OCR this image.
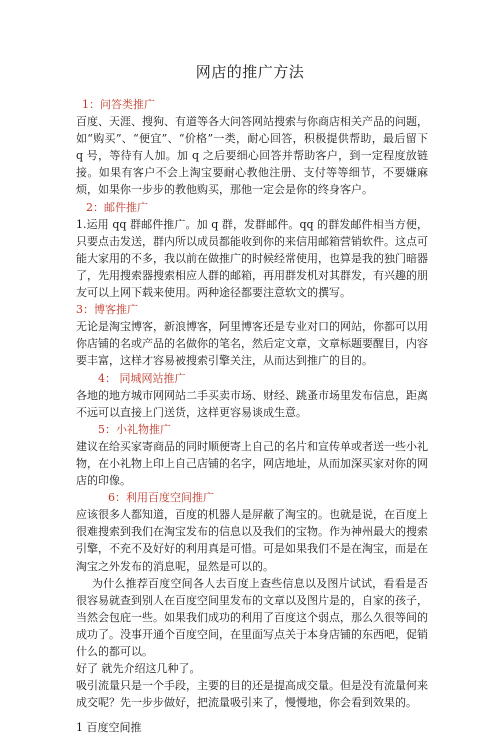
网店的推广方法

1：问答类推广

百度、天涯、搜狗、有道等各大问答网站搜索与你商店相关产品的问题，如“购买”、“便宜”、“价格”一类，耐心回答，积极提供帮助，最后留下 q 号，等待有人加。加 q 之后要细心回答并帮助客户，到一定程度放链接。如果有客户不会上淘宝要耐心教他注册、支付等等细节，不要嫌麻烦，如果你一步步的教他购买，那他一定会是你的终身客户。

2：邮件推广

1.运用 qq 群邮件推广。加 q 群，发群邮件。qq 的群发邮件相当方便，只要点击发送，群内所以成员都能收到你的来信用邮箱营销软件。这点可能大家用的不多，我以前在做推广的时候经常使用，也算是我的独门暗器了，先用搜索器搜索相应人群的邮箱，再用群发机对其群发，有兴趣的朋友可以上网下载来使用。两种途径都要注意软文的撰写。

3：博客推广

无论是淘宝博客，新浪博客，阿里博客还是专业对口的网站，你都可以用你店铺的名或产品的名做你的笔名，然后定文章，文章标题要醒目，内容要丰富，这样才容易被搜索引擎关注，从而达到推广的目的。

4： 同城网站推广

各地的地方城市网网站二手买卖市场、财经、跳蚤市场里发布信息，距离不远可以直接上门送货，这样更容易谈成生意。

5：小礼物推广

建议在给买家寄商品的同时顺便寄上自己的名片和宣传单或者送一些小礼物，在小礼物上印上自己店铺的名字，网店地址，从而加深买家对你的网店的印像。

6：利用百度空间推广

应该很多人都知道，百度的机器人是屏蔽了淘宝的。也就是说，在百度上很难搜索到我们在淘宝发布的信息以及我们的宝物。作为神州最大的搜索引擎，不充不及好好的利用真是可惜。可是如果我们不是在淘宝，而是在淘宝之外发布的消息呢，显然是可以的。

为什么推荐百度空间各人去百度上查些信息以及图片试试，看看是否很容易就查到别人在百度空间里发布的文章以及图片是的，自家的孩子，当然会包庇一些。如果我们成功的利用了百度这个弱点，那么久很等间的成功了。没事开通个百度空间，在里面写点关于本身店铺的东西吧，促销什么的都可以。

好了 就先介绍这几种了。

吸引流量只是一个手段，主要的目的还是提高成交量。但是没有流量何来成交呢？先一步步做好，把流量吸引来了，慢慢地，你会看到效果的。

1 百度空间推
